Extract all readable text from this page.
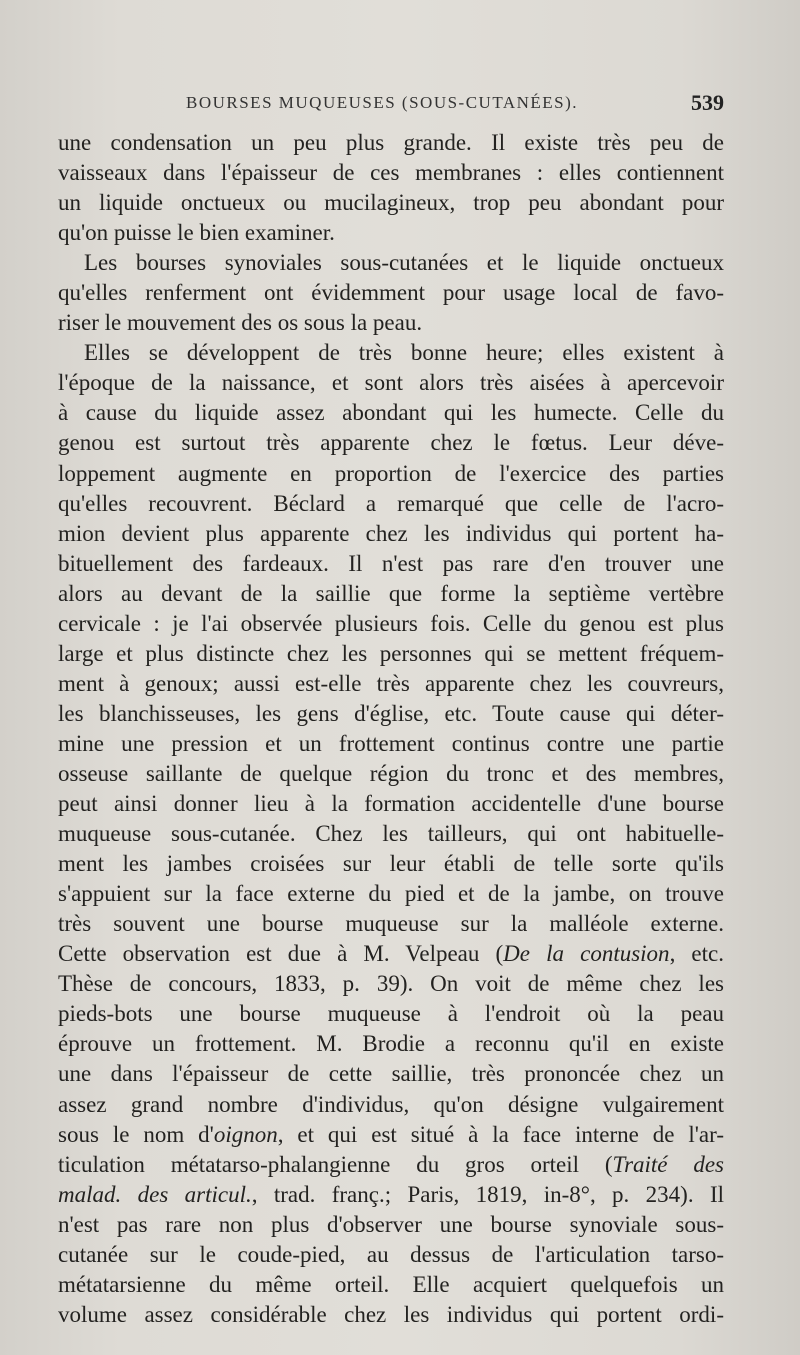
BOURSES MUQUEUSES (SOUS-CUTANÉES).	539
une condensation un peu plus grande. Il existe très peu de
vaisseaux dans l'épaisseur de ces membranes : elles contiennent
un liquide onctueux ou mucilagineux, trop peu abondant pour
qu'on puisse le bien examiner.
Les bourses synoviales sous-cutanées et le liquide onctueux
qu'elles renferment ont évidemment pour usage local de favo-
riser le mouvement des os sous la peau.
Elles se développent de très bonne heure; elles existent à
l'époque de la naissance, et sont alors très aisées à apercevoir
à cause du liquide assez abondant qui les humecte. Celle du
genou est surtout très apparente chez le fœtus. Leur déve-
loppement augmente en proportion de l'exercice des parties
qu'elles recouvrent. Béclard a remarqué que celle de l'acro-
mion devient plus apparente chez les individus qui portent ha-
bituellement des fardeaux. Il n'est pas rare d'en trouver une
alors au devant de la saillie que forme la septième vertèbre
cervicale : je l'ai observée plusieurs fois. Celle du genou est plus
large et plus distincte chez les personnes qui se mettent fréquem-
ment à genoux; aussi est-elle très apparente chez les couvreurs,
les blanchisseuses, les gens d'église, etc. Toute cause qui déter-
mine une pression et un frottement continus contre une partie
osseuse saillante de quelque région du tronc et des membres,
peut ainsi donner lieu à la formation accidentelle d'une bourse
muqueuse sous-cutanée. Chez les tailleurs, qui ont habituelle-
ment les jambes croisées sur leur établi de telle sorte qu'ils
s'appuient sur la face externe du pied et de la jambe, on trouve
très souvent une bourse muqueuse sur la malléole externe.
Cette observation est due à M. Velpeau (De la contusion, etc.
Thèse de concours, 1833, p. 39). On voit de même chez les
pieds-bots une bourse muqueuse à l'endroit où la peau
éprouve un frottement. M. Brodie a reconnu qu'il en existe
une dans l'épaisseur de cette saillie, très prononcée chez un
assez grand nombre d'individus, qu'on désigne vulgairement
sous le nom d'oignon, et qui est situé à la face interne de l'ar-
ticulation métatarso-phalangienne du gros orteil (Traité des
malad. des articul., trad. franç.; Paris, 1819, in-8°, p. 234). Il
n'est pas rare non plus d'observer une bourse synoviale sous-
cutanée sur le coude-pied, au dessus de l'articulation tarso-
métatarsienne du même orteil. Elle acquiert quelquefois un
volume assez considérable chez les individus qui portent ordi-
